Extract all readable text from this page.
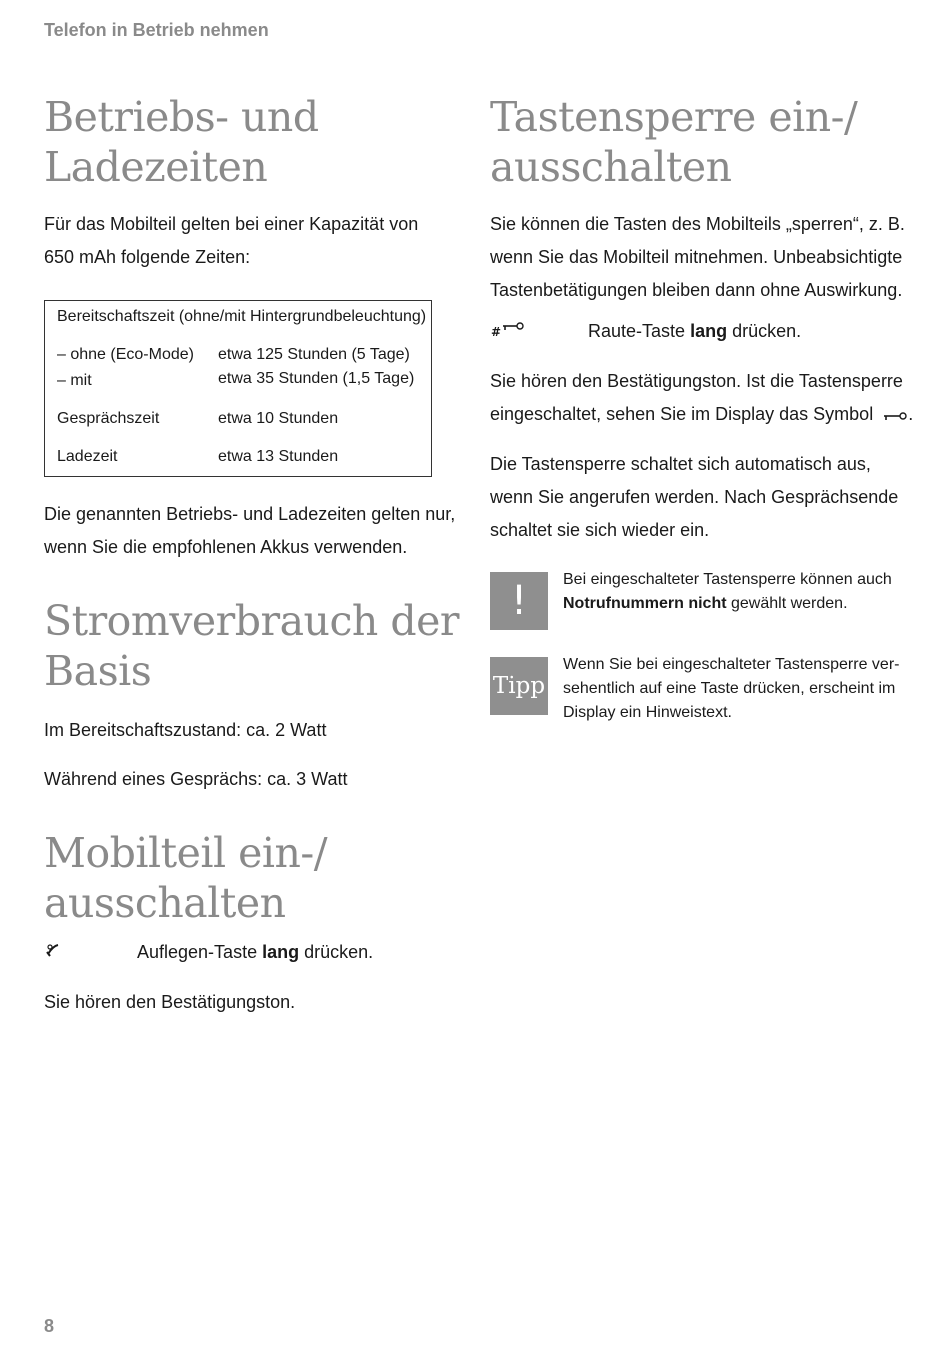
Telefon in Betrieb nehmen
Betriebs- und
Ladezeiten
Für das Mobilteil gelten bei einer Kapazität von
650 mAh folgende Zeiten:
Bereitschaftszeit (ohne/mit Hintergrundbeleuchtung)
– ohne (Eco-Mode) etwa 125 Stunden (5 Tage)
– mit	etwa 35 Stunden (1,5 Tage)
Gesprächszeit	etwa 10 Stunden
Ladezeit	etwa 13 Stunden
Die genannten Betriebs- und Ladezeiten gelten nur,
wenn Sie die empfohlenen Akkus verwenden.
Stromverbrauch der
Basis
Im Bereitschaftszustand: ca. 2 Watt
Während eines Gesprächs: ca. 3 Watt
Mobilteil ein-/
ausschalten
Auflegen-Taste lang drücken.
Sie hören den Bestätigungston.
Tastensperre ein-/
ausschalten
Sie können die Tasten des Mobilteils „sperren“, z. B.
wenn Sie das Mobilteil mitnehmen. Unbeabsichtigte
Tastenbetätigungen bleiben dann ohne Auswirkung.
#	Raute-Taste lang drücken.
Sie hören den Bestätigungston. Ist die Tastensperre
eingeschaltet, sehen Sie im Display das Symbol .
Die Tastensperre schaltet sich automatisch aus,
wenn Sie angerufen werden. Nach Gesprächsende
schaltet sie sich wieder ein.
!	Bei eingeschalteter Tastensperre können auch
Notrufnummern nicht gewählt werden.
Tipp
Wenn Sie bei eingeschalteter Tastensperre ver-
sehentlich auf eine Taste drücken, erscheint im
Display ein Hinweistext.
8
